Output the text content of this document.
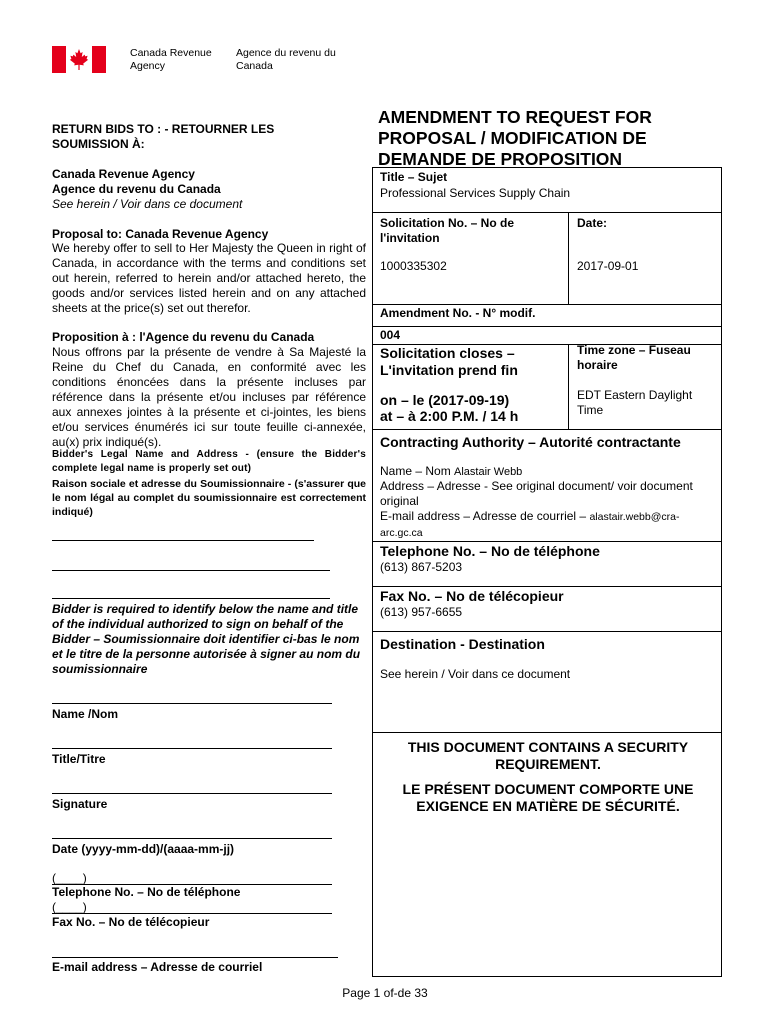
Canada Revenue Agency
Agence du revenu du Canada
RETURN BIDS TO : - RETOURNER LES SOUMISSION À:
Canada Revenue Agency
Agence du revenu du Canada
See herein / Voir dans ce document
Proposal to: Canada Revenue Agency
We hereby offer to sell to Her Majesty the Queen in right of Canada, in accordance with the terms and conditions set out herein, referred to herein and/or attached hereto, the goods and/or services listed herein and on any attached sheets at the price(s) set out therefor.
Proposition à : l'Agence du revenu du Canada
Nous offrons par la présente de vendre à Sa Majesté la Reine du Chef du Canada, en conformité avec les conditions énoncées dans la présente incluses par référence dans la présente et/ou incluses par référence aux annexes jointes à la présente et ci-jointes, les biens et/ou services énumérés ici sur toute feuille ci-annexée, au(x) prix indiqué(s).
Bidder's Legal Name and Address - (ensure the Bidder's complete legal name is properly set out)
Raison sociale et adresse du Soumissionnaire - (s'assurer que le nom légal au complet du soumissionnaire est correctement indiqué)
Bidder is required to identify below the name and title of the individual authorized to sign on behalf of the Bidder – Soumissionnaire doit identifier ci-bas le nom et le titre de la personne autorisée à signer au nom du soumissionnaire
Name /Nom
Title/Titre
Signature
Date (yyyy-mm-dd)/(aaaa-mm-jj)
(____)
Telephone No. – No de téléphone
(____)
Fax No. – No de télécopieur
E-mail address – Adresse de courriel
AMENDMENT TO REQUEST FOR PROPOSAL / MODIFICATION DE DEMANDE DE PROPOSITION
Title – Sujet
Professional Services Supply Chain
Solicitation No. – No de l'invitation
1000335302
Date:
2017-09-01
Amendment No. - N° modif.
004
Solicitation closes – L'invitation prend fin
on – le (2017-09-19)
at – à 2:00 P.M. / 14 h
Time zone – Fuseau horaire
EDT Eastern Daylight Time
Contracting Authority – Autorité contractante
Name – Nom Alastair Webb
Address – Adresse - See original document/ voir document original
E-mail address – Adresse de courriel – alastair.webb@cra-arc.gc.ca
Telephone No. – No de téléphone
(613) 867-5203
Fax No. – No de télécopieur
(613) 957-6655
Destination - Destination
See herein / Voir dans ce document
THIS DOCUMENT CONTAINS A SECURITY REQUIREMENT.
LE PRÉSENT DOCUMENT COMPORTE UNE EXIGENCE EN MATIÈRE DE SÉCURITÉ.
Page 1 of-de 33
